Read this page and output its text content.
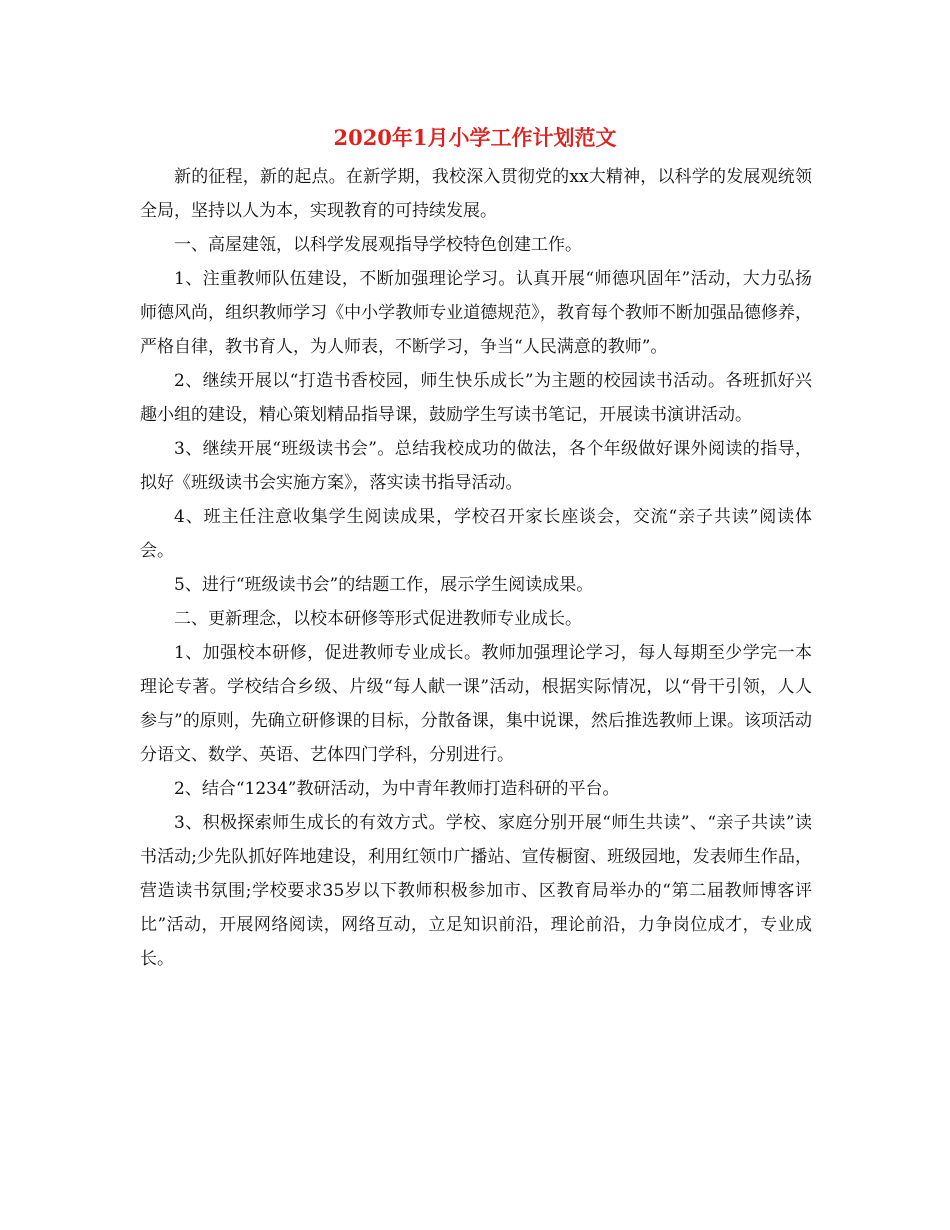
2020年1月小学工作计划范文

新的征程，新的起点。在新学期，我校深入贯彻党的xx大精神，以科学的发展观统领全局，坚持以人为本，实现教育的可持续发展。

一、高屋建瓴，以科学发展观指导学校特色创建工作。

1、注重教师队伍建设，不断加强理论学习。认真开展“师德巩固年”活动，大力弘扬师德风尚，组织教师学习《中小学教师专业道德规范》，教育每个教师不断加强品德修养，严格自律，教书育人，为人师表，不断学习，争当“人民满意的教师”。

2、继续开展以“打造书香校园，师生快乐成长”为主题的校园读书活动。各班抓好兴趣小组的建设，精心策划精品指导课，鼓励学生写读书笔记，开展读书演讲活动。

3、继续开展“班级读书会”。总结我校成功的做法，各个年级做好课外阅读的指导，拟好《班级读书会实施方案》，落实读书指导活动。

4、班主任注意收集学生阅读成果，学校召开家长座谈会，交流“亲子共读”阅读体会。

5、进行“班级读书会”的结题工作，展示学生阅读成果。

二、更新理念，以校本研修等形式促进教师专业成长。

1、加强校本研修，促进教师专业成长。教师加强理论学习，每人每期至少学完一本理论专著。学校结合乡级、片级“每人献一课”活动，根据实际情况，以“骨干引领，人人参与”的原则，先确立研修课的目标，分散备课，集中说课，然后推选教师上课。该项活动分语文、数学、英语、艺体四门学科，分别进行。

2、结合“1234”教研活动，为中青年教师打造科研的平台。

3、积极探索师生成长的有效方式。学校、家庭分别开展“师生共读”、“亲子共读”读书活动;少先队抓好阵地建设，利用红领巾广播站、宣传橱窗、班级园地，发表师生作品，营造读书氛围;学校要求35岁以下教师积极参加市、区教育局举办的“第二届教师博客评比”活动，开展网络阅读，网络互动，立足知识前沿，理论前沿，力争岗位成才，专业成长。
